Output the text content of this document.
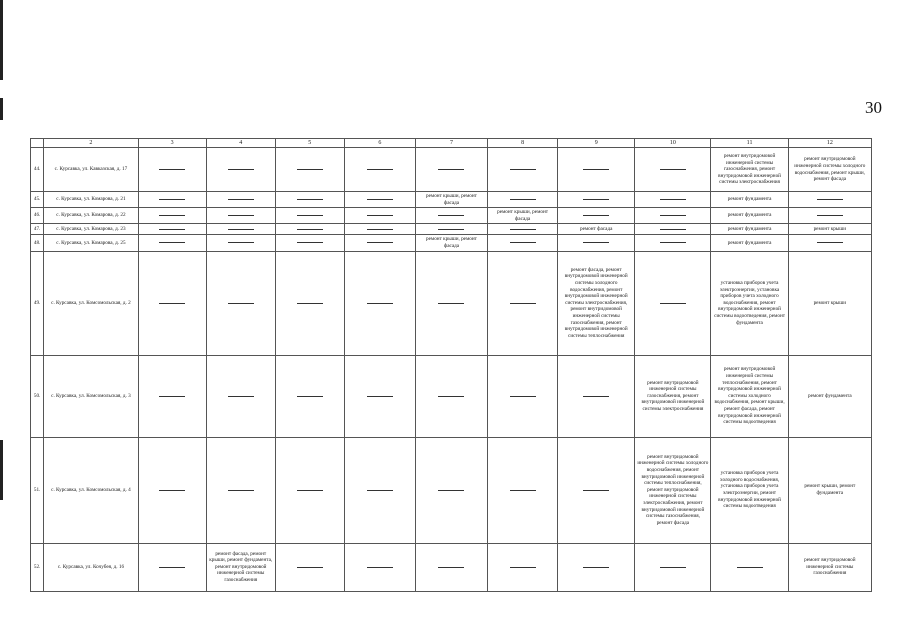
30
	2	3	4	5	6	7	8	9	10	11	12
44.	с. Курсавка, ул. Кавказская, д. 17									ремонт внутридомовой инженерной системы газоснабжения, ремонт внутридомовой инженерной системы электроснабжения	ремонт внутридомовой инженерной системы холодного водоснабжения, ремонт крыши, ремонт фасада
45.	с. Курсавка, ул. Комарова, д. 21					ремонт крыши, ремонт фасада				ремонт фундамента	

46.	с. Курсавка, ул. Комарова, д. 22						ремонт крыши, ремонт фасада			ремонт фундамента	

47.	с. Курсавка, ул. Комарова, д. 23							ремонт фасада		ремонт фундамента	ремонт крыши
48.	с. Курсавка, ул. Комарова, д. 25					ремонт крыши, ремонт фасада				ремонт фундамента	

49.	с. Курсавка, ул. Комсомольская, д. 2							ремонт фасада, ремонт внутридомовой инженерной системы холодного водоснабжения, ремонт внутридомовой инженерной системы электроснабжения, ремонт внутридомовой инженерной системы газоснабжения, ремонт внутридомовой инженерной системы теплоснабжения		установка приборов учета электроэнергии, установка приборов учета холодного водоснабжения, ремонт внутридомовой инженерной системы водоотведения, ремонт фундамента	ремонт крыши
50.	с. Курсавка, ул. Комсомольская, д. 3								ремонт внутридомовой инженерной системы газоснабжения, ремонт внутридомовой инженерной системы электроснабжения	ремонт внутридомовой инженерной системы теплоснабжения, ремонт внутридомовой инженерной системы холодного водоснабжения, ремонт крыши, ремонт фасада, ремонт внутридомовой инженерной системы водоотведения	ремонт фундамента
51.	с. Курсавка, ул. Комсомольская, д. 4								ремонт внутридомовой инженерной системы холодного водоснабжения, ремонт внутридомовой инженерной системы теплоснабжения, ремонт внутридомовой инженерной системы электроснабжения, ремонт внутридомовой инженерной системы газоснабжения, ремонт фасада	установка приборов учета холодного водоснабжения, установка приборов учета электроэнергии, ремонт внутридомовой инженерной системы водоотведения	ремонт крыши, ремонт фундамента
52.	с. Курсавка, ул. Кочубея, д. 16		ремонт фасада, ремонт крыши, ремонт фундамента, ремонт внутридомовой инженерной системы газоснабжения								ремонт внутридомовой инженерной системы газоснабжения
